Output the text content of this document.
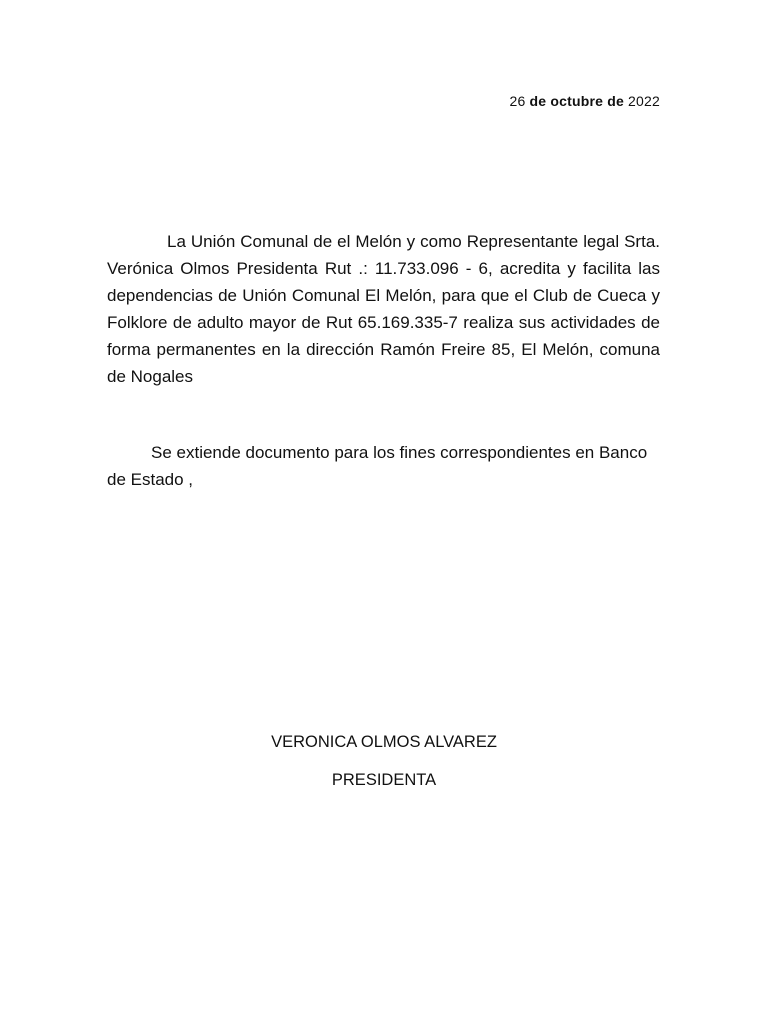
26 de octubre de 2022

La Unión Comunal de el Melón y como Representante legal Srta. Verónica Olmos Presidenta Rut .: 11.733.096 - 6, acredita y facilita las dependencias de Unión Comunal El Melón, para que el Club de Cueca y Folklore de adulto mayor de Rut 65.169.335-7 realiza sus actividades de forma permanentes en la dirección Ramón Freire 85, El Melón, comuna de Nogales

Se extiende documento para los fines correspondientes en Banco de Estado ,

VERONICA OLMOS ALVAREZ
PRESIDENTA
